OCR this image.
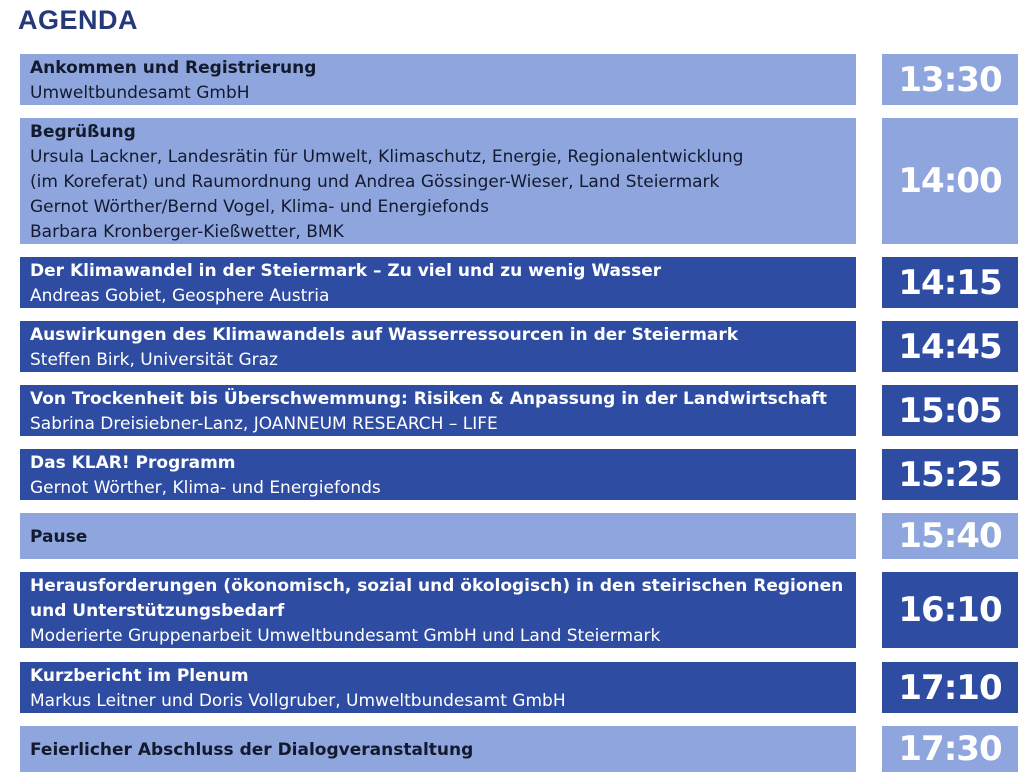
AGENDA
Ankommen und Registrierung
Umweltbundesamt GmbH	13:30
Begrüßung
Ursula Lackner, Landesrätin für Umwelt, Klimaschutz, Energie, Regionalentwicklung
(im Koreferat) und Raumordnung und Andrea Gössinger-Wieser, Land Steiermark
Gernot Wörther/Bernd Vogel, Klima- und Energiefonds
Barbara Kronberger-Kießwetter, BMK
14:00
Der Klimawandel in der Steiermark – Zu viel und zu wenig Wasser
Andreas Gobiet, Geosphere Austria	14:15
Auswirkungen des Klimawandels auf Wasserressourcen in der Steiermark
Steffen Birk, Universität Graz	14:45
Von Trockenheit bis Überschwemmung: Risiken & Anpassung in der Landwirtschaft
Sabrina Dreisiebner-Lanz, JOANNEUM RESEARCH – LIFE	15:05
Das KLAR! Programm
Gernot Wörther, Klima- und Energiefonds	15:25
Pause	15:40
Herausforderungen (ökonomisch, sozial und ökologisch) in den steirischen Regionen
und Unterstützungsbedarf
Moderierte Gruppenarbeit Umweltbundesamt GmbH und Land Steiermark
16:10
Kurzbericht im Plenum
Markus Leitner und Doris Vollgruber, Umweltbundesamt GmbH	17:10
Feierlicher Abschluss der Dialogveranstaltung	17:30
